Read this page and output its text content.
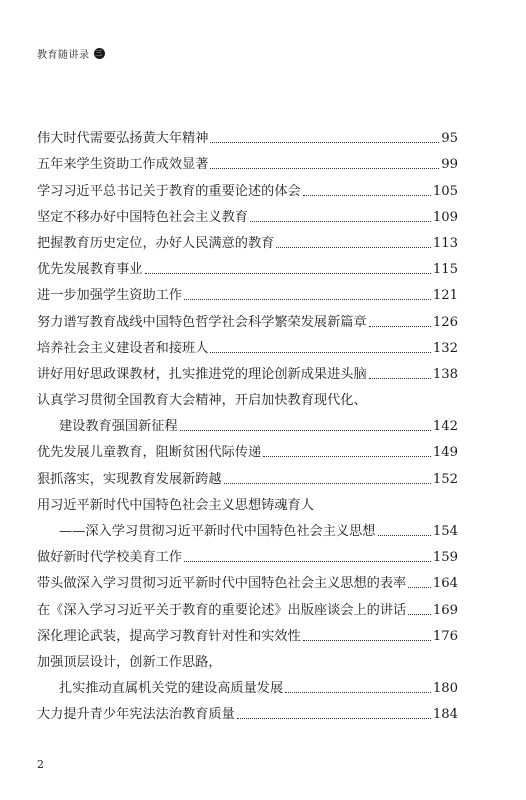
教育随讲录 三
伟大时代需要弘扬黄大年精神	95
五年来学生资助工作成效显著	99
学习习近平总书记关于教育的重要论述的体会	105
坚定不移办好中国特色社会主义教育	109
把握教育历史定位，办好人民满意的教育	113
优先发展教育事业	115
进一步加强学生资助工作	121
努力谱写教育战线中国特色哲学社会科学繁荣发展新篇章	126
培养社会主义建设者和接班人	132
讲好用好思政课教材，扎实推进党的理论创新成果进头脑	138
认真学习贯彻全国教育大会精神，开启加快教育现代化、
建设教育强国新征程	142
优先发展儿童教育，阻断贫困代际传递	149
狠抓落实，实现教育发展新跨越	152
用习近平新时代中国特色社会主义思想铸魂育人
——深入学习贯彻习近平新时代中国特色社会主义思想	154
做好新时代学校美育工作	159
带头做深入学习贯彻习近平新时代中国特色社会主义思想的表率 164
在《深入学习习近平关于教育的重要论述》出版座谈会上的讲话 169
深化理论武装，提高学习教育针对性和实效性	176
加强顶层设计，创新工作思路，
扎实推动直属机关党的建设高质量发展	180
大力提升青少年宪法法治教育质量	184
2
